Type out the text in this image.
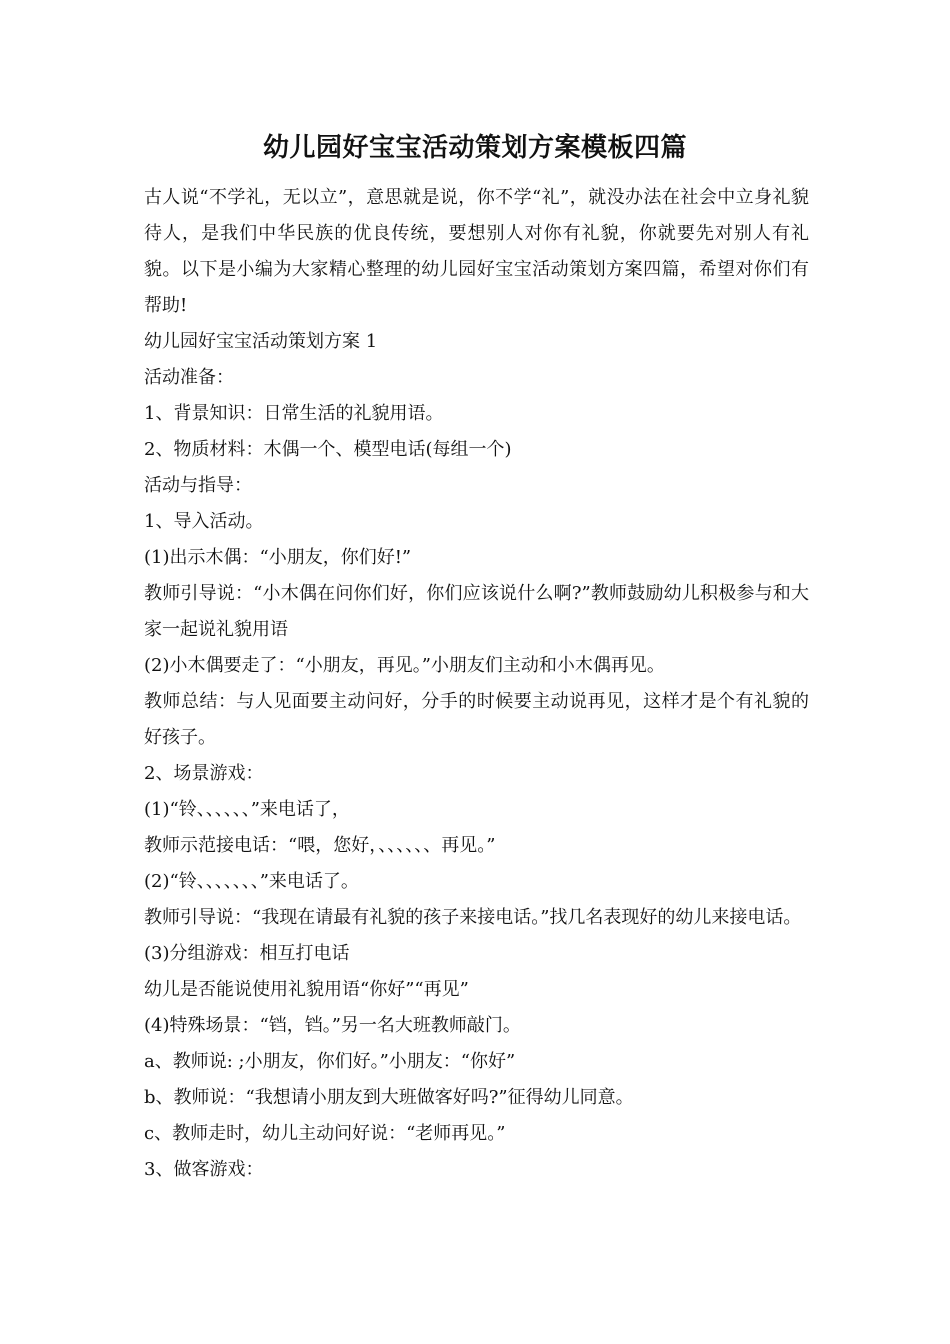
幼儿园好宝宝活动策划方案模板四篇

古人说“不学礼，无以立”，意思就是说，你不学“礼”，就没办法在社会中立身礼貌待人，是我们中华民族的优良传统，要想别人对你有礼貌，你就要先对别人有礼貌。以下是小编为大家精心整理的幼儿园好宝宝活动策划方案四篇，希望对你们有帮助!

幼儿园好宝宝活动策划方案 1

活动准备：

1、背景知识：日常生活的礼貌用语。

2、物质材料：木偶一个、模型电话(每组一个)

活动与指导：

1、导入活动。

(1)出示木偶：“小朋友，你们好!”

教师引导说：“小木偶在问你们好，你们应该说什么啊?”教师鼓励幼儿积极参与和大家一起说礼貌用语

(2)小木偶要走了：“小朋友，再见。”小朋友们主动和小木偶再见。

教师总结：与人见面要主动问好，分手的时候要主动说再见，这样才是个有礼貌的好孩子。

2、场景游戏：

(1)“铃、、、、、、”来电话了，

教师示范接电话：“喂，您好，、、、、、、再见。”

(2)“铃、、、、、、、”来电话了。

教师引导说：“我现在请最有礼貌的孩子来接电话。”找几名表现好的幼儿来接电话。

(3)分组游戏：相互打电话

幼儿是否能说使用礼貌用语“你好”“再见”

(4)特殊场景：“铛，铛。”另一名大班教师敲门。

a、教师说: ;小朋友，你们好。”小朋友：“你好”

b、教师说：“我想请小朋友到大班做客好吗?”征得幼儿同意。

c、教师走时，幼儿主动问好说：“老师再见。”

3、做客游戏：
